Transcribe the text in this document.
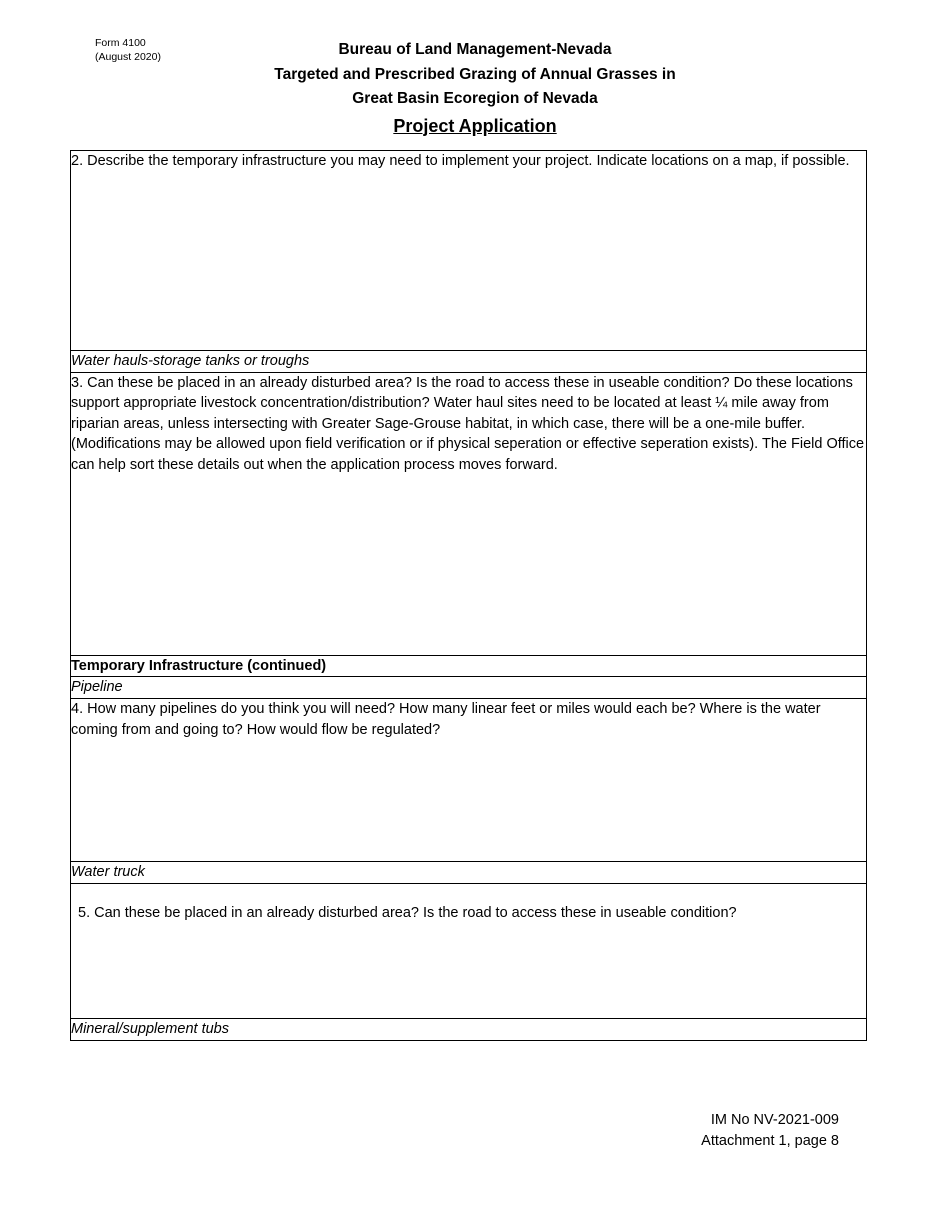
Form 4100
(August 2020)	Bureau of Land Management-Nevada
Targeted and Prescribed Grazing of Annual Grasses in
Great Basin Ecoregion of Nevada
Project Application
2. Describe the temporary infrastructure you may need to implement your project. Indicate locations on a map, if possible.
Water hauls-storage tanks or troughs
3. Can these be placed in an already disturbed area? Is the road to access these in useable condition? Do these locations support appropriate livestock concentration/distribution? Water haul sites need to be located at least ¼ mile away from riparian areas, unless intersecting with Greater Sage-Grouse habitat, in which case, there will be a one-mile buffer. (Modifications may be allowed upon field verification or if physical seperation or effective seperation exists). The Field Office can help sort these details out when the application process moves forward.
Temporary Infrastructure (continued)
Pipeline
4. How many pipelines do you think you will need? How many linear feet or miles would each be? Where is the water coming from and going to? How would flow be regulated?
Water truck
5. Can these be placed in an already disturbed area? Is the road to access these in useable condition?
Mineral/supplement tubs
IM No NV-2021-009
Attachment 1, page 8
